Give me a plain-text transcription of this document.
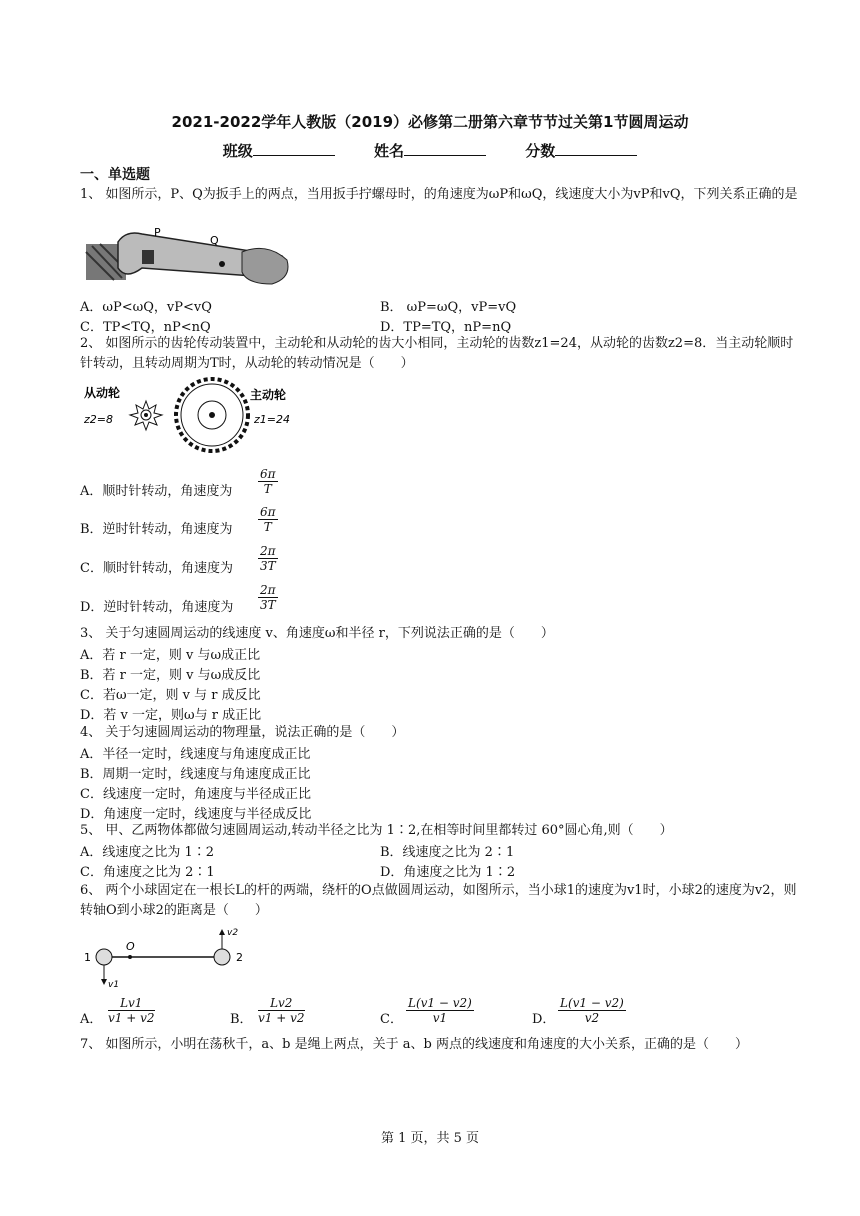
2021-2022学年人教版（2019）必修第二册第六章节节过关第1节圆周运动
班级	姓名	分数
一、单选题
1、 如图所示，P、Q为扳手上的两点，当用扳手拧螺母时，的角速度为ωP和ωQ，线速度大小为vP和vQ，下列关系正确的是
P
Q
A．ωP<ωQ，vP<vQ	B． ωP=ωQ，vP=vQ
C．TP<TQ，nP<nQ	D．TP=TQ，nP=nQ
2、 如图所示的齿轮传动装置中，主动轮和从动轮的齿大小相同，主动轮的齿数z1=24，从动轮的齿数z2=8．当主动轮顺时针转动，且转动周期为T时，从动轮的转动情况是（　　）
从动轮
z2=8
主动轮
z1=24
A．顺时针转动，角速度为 $\frac{6\pi}{T}$
B．逆时针转动，角速度为 $\frac{6\pi}{T}$
C．顺时针转动，角速度为 $\frac{2\pi}{3T}$
D．逆时针转动，角速度为 $\frac{2\pi}{3T}$
3、 关于匀速圆周运动的线速度 v、角速度ω和半径 r，下列说法正确的是（　　）
A．若 r 一定，则 v 与ω成正比
B．若 r 一定，则 v 与ω成反比
C．若ω一定，则 v 与 r 成反比
D．若 v 一定，则ω与 r 成正比
4、 关于匀速圆周运动的物理量，说法正确的是（　　）
A．半径一定时，线速度与角速度成正比
B．周期一定时，线速度与角速度成正比
C．线速度一定时，角速度与半径成正比
D．角速度一定时，线速度与半径成反比
5、 甲、乙两物体都做匀速圆周运动,转动半径之比为 1∶2,在相等时间里都转过 60°圆心角,则（　　）
A．线速度之比为 1∶2	B．线速度之比为 2∶1
C．角速度之比为 2∶1	D．角速度之比为 1∶2
6、 两个小球固定在一根长L的杆的两端，绕杆的O点做圆周运动，如图所示，当小球1的速度为v1时，小球2的速度为v2，则转轴O到小球2的距离是（　　）
1	2
O
v1
v2
A． $\frac{Lv1}{v1 + v2}$	B． $\frac{Lv2}{v1 + v2}$	C． $\frac{L(v1 - v2)}{v1}$	D． $\frac{L(v1 - v2)}{v2}$
7、 如图所示，小明在荡秋千，a、b 是绳上两点，关于 a、b 两点的线速度和角速度的大小关系，正确的是（　　）
第 1 页，共 5 页
